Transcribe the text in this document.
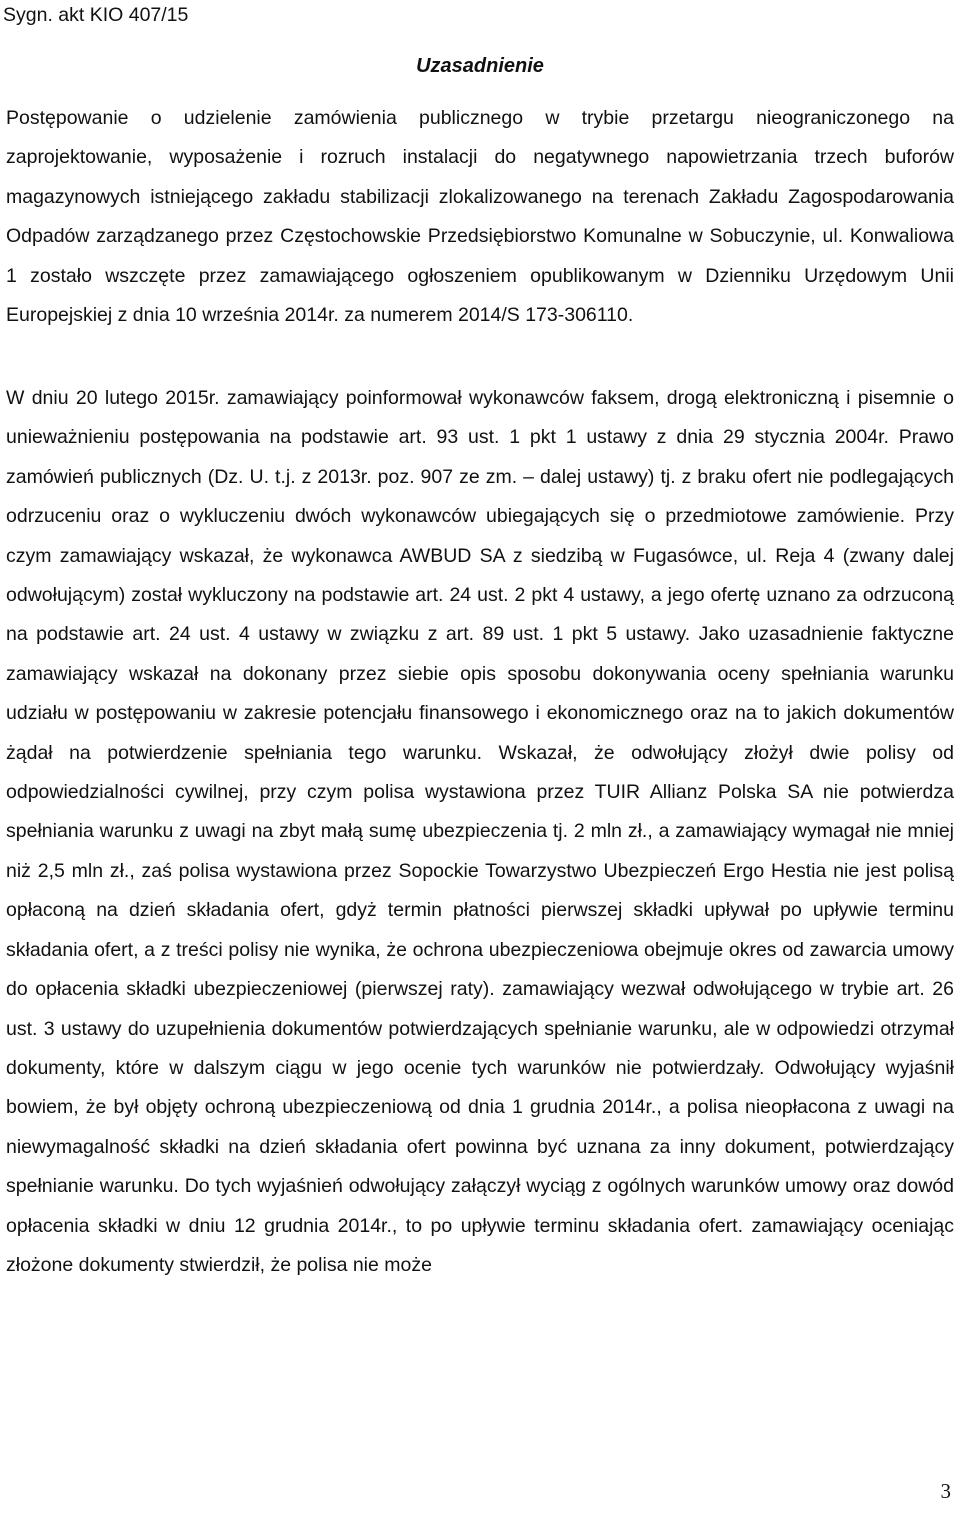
Sygn. akt KIO 407/15

Uzasadnienie

Postępowanie o udzielenie zamówienia publicznego w trybie przetargu nieograniczonego na zaprojektowanie, wyposażenie i rozruch instalacji do negatywnego napowietrzania trzech buforów magazynowych istniejącego zakładu stabilizacji zlokalizowanego na terenach Zakładu Zagospodarowania Odpadów zarządzanego przez Częstochowskie Przedsiębiorstwo Komunalne w Sobuczynie, ul. Konwaliowa 1 zostało wszczęte przez zamawiającego ogłoszeniem opublikowanym w Dzienniku Urzędowym Unii Europejskiej z dnia 10 września 2014r. za numerem 2014/S 173-306110.

W dniu 20 lutego 2015r. zamawiający poinformował wykonawców faksem, drogą elektroniczną i pisemnie o unieważnieniu postępowania na podstawie art. 93 ust. 1 pkt 1 ustawy z dnia 29 stycznia 2004r. Prawo zamówień publicznych (Dz. U. t.j. z 2013r. poz. 907 ze zm. ‒ dalej ustawy) tj. z braku ofert nie podlegających odrzuceniu oraz o wykluczeniu dwóch wykonawców ubiegających się o przedmiotowe zamówienie. Przy czym zamawiający wskazał, że wykonawca AWBUD SA z siedzibą w Fugasówce, ul. Reja 4 (zwany dalej odwołującym) został wykluczony na podstawie art. 24 ust. 2 pkt 4 ustawy, a jego ofertę uznano za odrzuconą na podstawie art. 24 ust. 4 ustawy w związku z art. 89 ust. 1 pkt 5 ustawy. Jako uzasadnienie faktyczne zamawiający wskazał na dokonany przez siebie opis sposobu dokonywania oceny spełniania warunku udziału w postępowaniu w zakresie potencjału finansowego i ekonomicznego oraz na to jakich dokumentów żądał na potwierdzenie spełniania tego warunku. Wskazał, że odwołujący złożył dwie polisy od odpowiedzialności cywilnej, przy czym polisa wystawiona przez TUIR Allianz Polska SA nie potwierdza spełniania warunku z uwagi na zbyt małą sumę ubezpieczenia tj. 2 mln zł., a zamawiający wymagał nie mniej niż 2,5 mln zł., zaś polisa wystawiona przez Sopockie Towarzystwo Ubezpieczeń Ergo Hestia nie jest polisą opłaconą na dzień składania ofert, gdyż termin płatności pierwszej składki upływał po upływie terminu składania ofert, a z treści polisy nie wynika, że ochrona ubezpieczeniowa obejmuje okres od zawarcia umowy do opłacenia składki ubezpieczeniowej (pierwszej raty). zamawiający wezwał odwołującego w trybie art. 26 ust. 3 ustawy do uzupełnienia dokumentów potwierdzających spełnianie warunku, ale w odpowiedzi otrzymał dokumenty, które w dalszym ciągu w jego ocenie tych warunków nie potwierdzały. Odwołujący wyjaśnił bowiem, że był objęty ochroną ubezpieczeniową od dnia 1 grudnia 2014r., a polisa nieopłacona z uwagi na niewymagalność składki na dzień składania ofert powinna być uznana za inny dokument, potwierdzający spełnianie warunku. Do tych wyjaśnień odwołujący załączył wyciąg z ogólnych warunków umowy oraz dowód opłacenia składki w dniu 12 grudnia 2014r., to po upływie terminu składania ofert. zamawiający oceniając złożone dokumenty stwierdził, że polisa nie może

3
